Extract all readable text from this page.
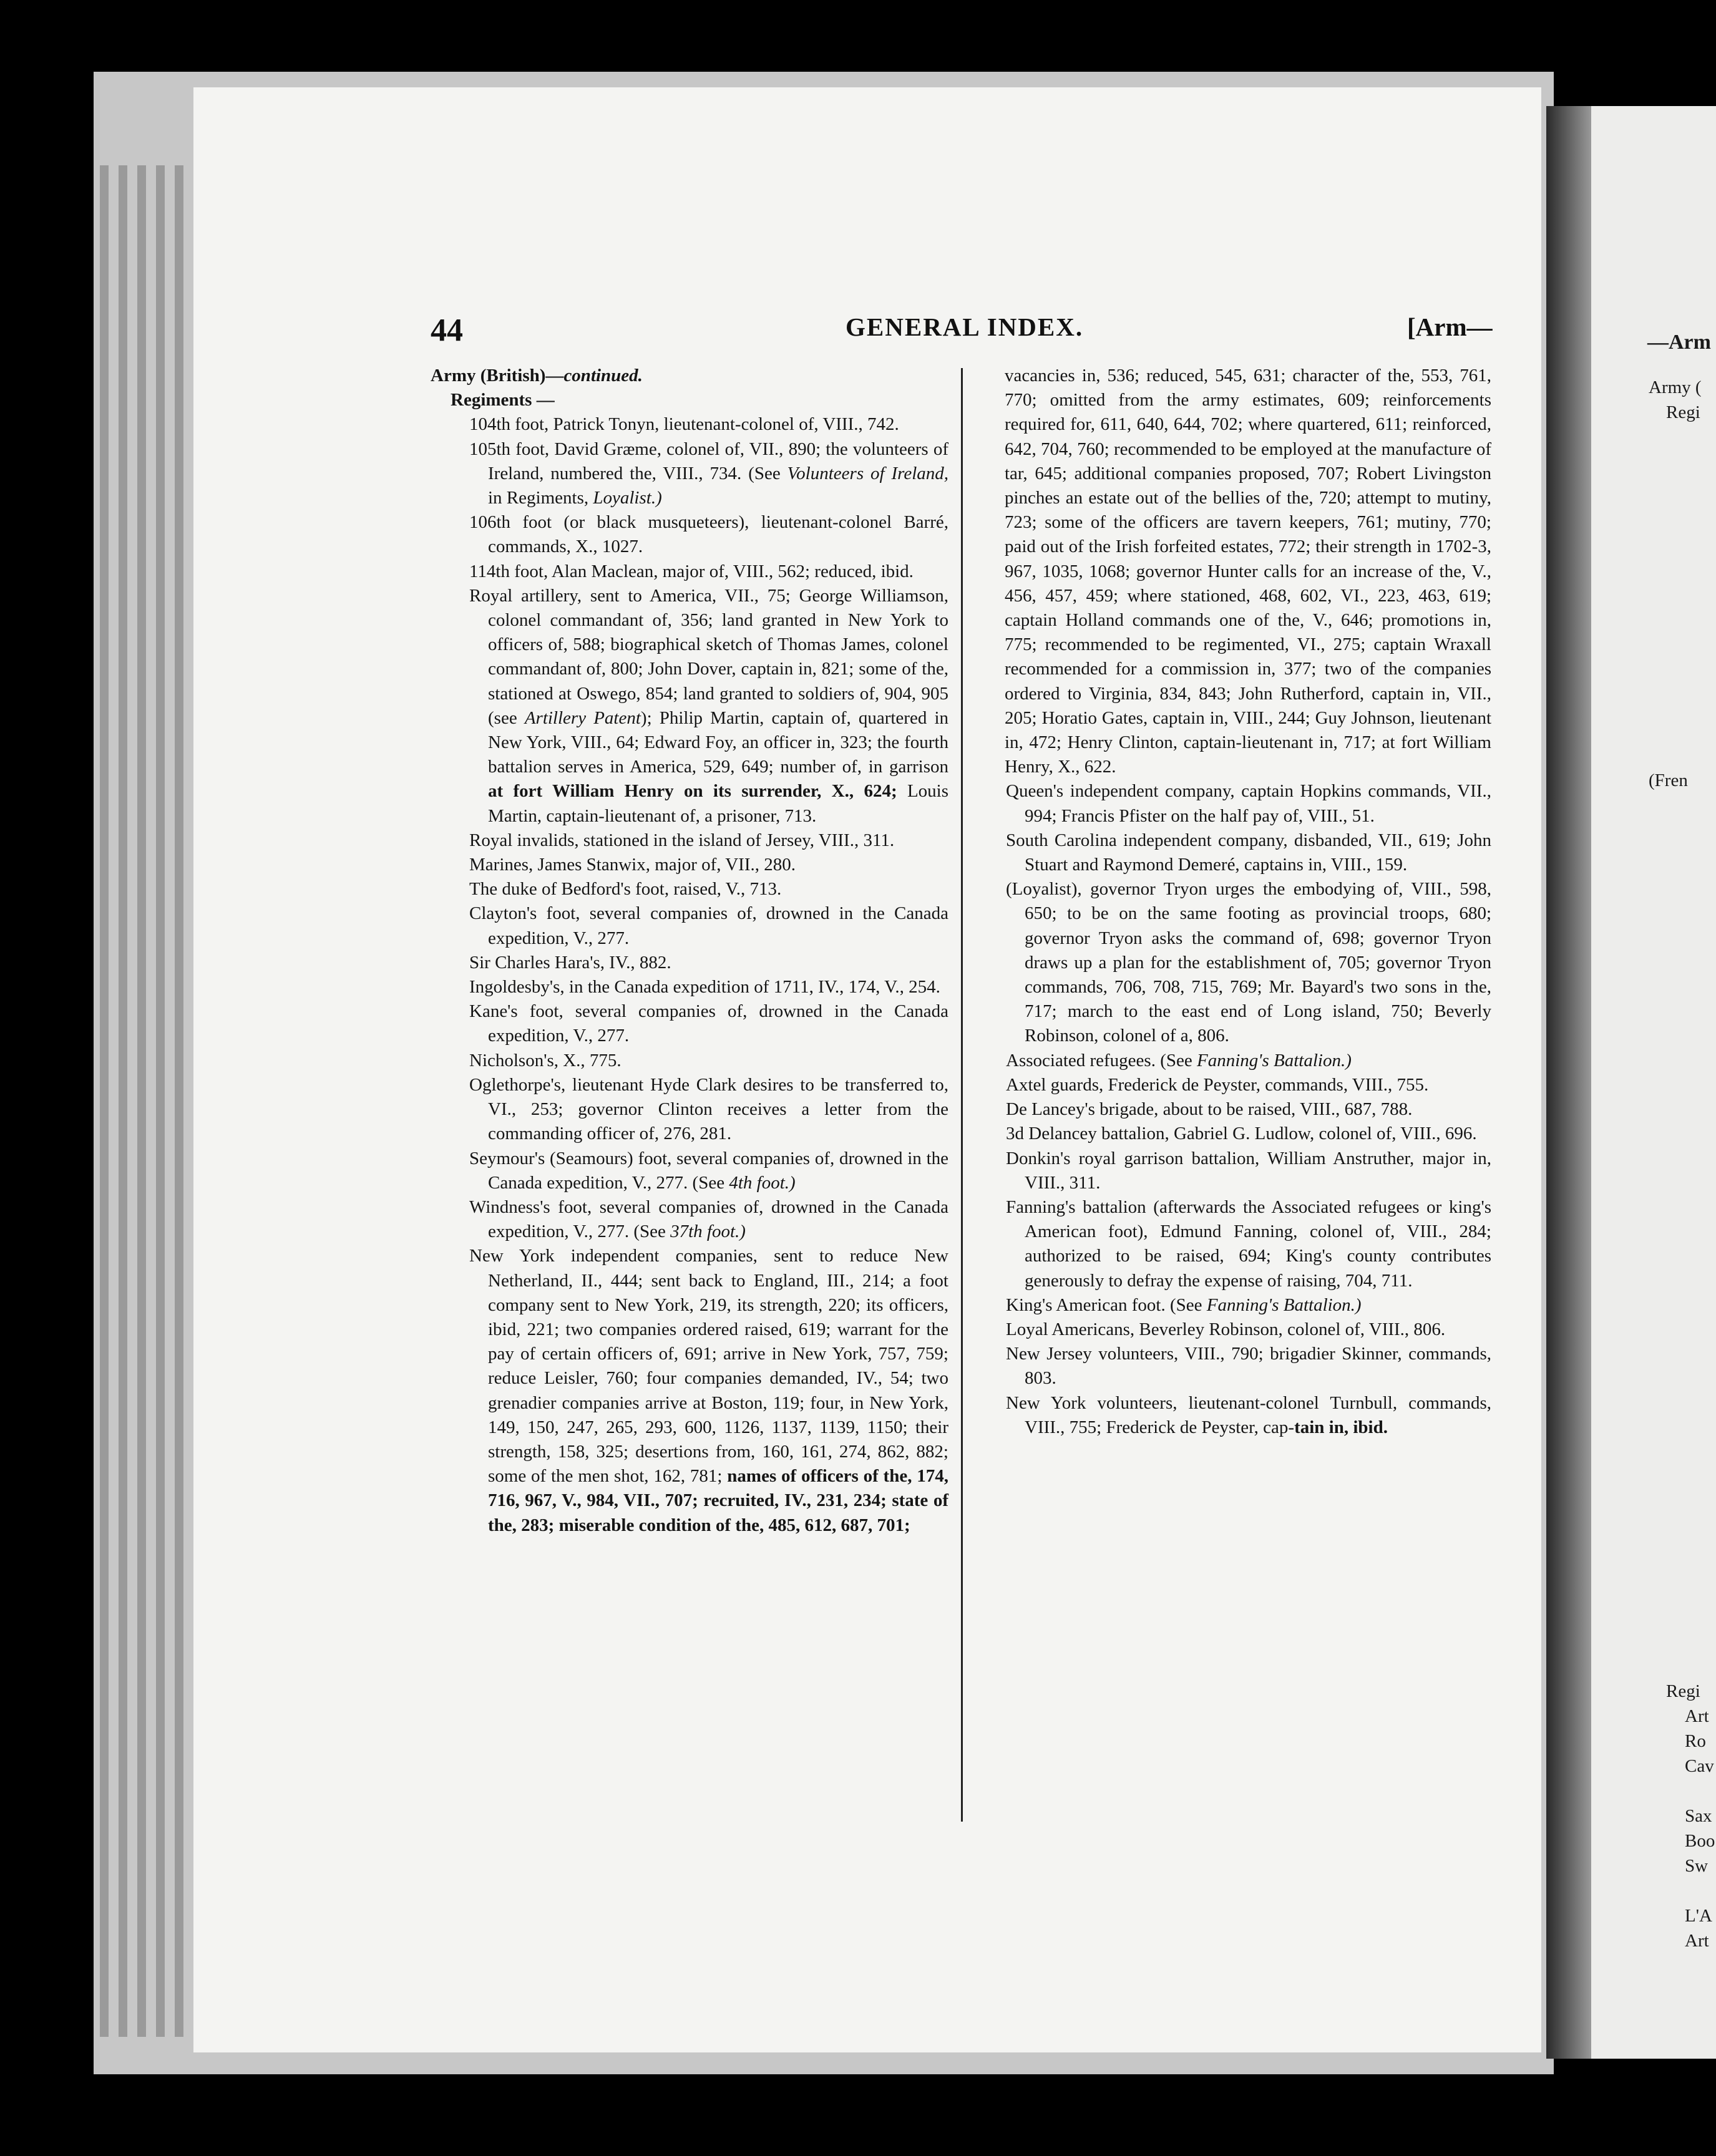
—Arm
Army (
Regi
(Fren
Regi
Art
Ro
Cav
Sax
Boo
Sw
L'A
Art
44	GENERAL INDEX.	[Arm—

Army (British)—continued.

Regiments —

104th foot, Patrick Tonyn, lieutenant-colonel of, VIII., 742.

105th foot, David Græme, colonel of, VII., 890; the volunteers of Ireland, numbered the, VIII., 734. (See Volunteers of Ireland, in Regiments, Loyalist.)

106th foot (or black musqueteers), lieutenant-colonel Barré, commands, X., 1027.

114th foot, Alan Maclean, major of, VIII., 562; reduced, ibid.

Royal artillery, sent to America, VII., 75; George Williamson, colonel commandant of, 356; land granted in New York to officers of, 588; biographical sketch of Thomas James, colonel commandant of, 800; John Dover, captain in, 821; some of the, stationed at Oswego, 854; land granted to soldiers of, 904, 905 (see Artillery Patent); Philip Martin, captain of, quartered in New York, VIII., 64; Edward Foy, an officer in, 323; the fourth battalion serves in America, 529, 649; number of, in garrison at fort William Henry on its surrender, X., 624; Louis Martin, captain-lieutenant of, a prisoner, 713.

Royal invalids, stationed in the island of Jersey, VIII., 311.

Marines, James Stanwix, major of, VII., 280.

The duke of Bedford's foot, raised, V., 713.

Clayton's foot, several companies of, drowned in the Canada expedition, V., 277.

Sir Charles Hara's, IV., 882.

Ingoldesby's, in the Canada expedition of 1711, IV., 174, V., 254.

Kane's foot, several companies of, drowned in the Canada expedition, V., 277.

Nicholson's, X., 775.

Oglethorpe's, lieutenant Hyde Clark desires to be transferred to, VI., 253; governor Clinton receives a letter from the commanding officer of, 276, 281.

Seymour's (Seamours) foot, several companies of, drowned in the Canada expedition, V., 277. (See 4th foot.)

Windness's foot, several companies of, drowned in the Canada expedition, V., 277. (See 37th foot.)

New York independent companies, sent to reduce New Netherland, II., 444; sent back to England, III., 214; a foot company sent to New York, 219, its strength, 220; its officers, ibid, 221; two companies ordered raised, 619; warrant for the pay of certain officers of, 691; arrive in New York, 757, 759; reduce Leisler, 760; four companies demanded, IV., 54; two grenadier companies arrive at Boston, 119; four, in New York, 149, 150, 247, 265, 293, 600, 1126, 1137, 1139, 1150; their strength, 158, 325; desertions from, 160, 161, 274, 862, 882; some of the men shot, 162, 781; names of officers of the, 174, 716, 967, V., 984, VII., 707; recruited, IV., 231, 234; state of the, 283; miserable condition of the, 485, 612, 687, 701;

vacancies in, 536; reduced, 545, 631; character of the, 553, 761, 770; omitted from the army estimates, 609; reinforcements required for, 611, 640, 644, 702; where quartered, 611; reinforced, 642, 704, 760; recommended to be employed at the manufacture of tar, 645; additional companies proposed, 707; Robert Livingston pinches an estate out of the bellies of the, 720; attempt to mutiny, 723; some of the officers are tavern keepers, 761; mutiny, 770; paid out of the Irish forfeited estates, 772; their strength in 1702-3, 967, 1035, 1068; governor Hunter calls for an increase of the, V., 456, 457, 459; where stationed, 468, 602, VI., 223, 463, 619; captain Holland commands one of the, V., 646; promotions in, 775; recommended to be regimented, VI., 275; captain Wraxall recommended for a commission in, 377; two of the companies ordered to Virginia, 834, 843; John Rutherford, captain in, VII., 205; Horatio Gates, captain in, VIII., 244; Guy Johnson, lieutenant in, 472; Henry Clinton, captain-lieutenant in, 717; at fort William Henry, X., 622.

Queen's independent company, captain Hopkins commands, VII., 994; Francis Pfister on the half pay of, VIII., 51.

South Carolina independent company, disbanded, VII., 619; John Stuart and Raymond Demeré, captains in, VIII., 159.

(Loyalist), governor Tryon urges the embodying of, VIII., 598, 650; to be on the same footing as provincial troops, 680; governor Tryon asks the command of, 698; governor Tryon draws up a plan for the establishment of, 705; governor Tryon commands, 706, 708, 715, 769; Mr. Bayard's two sons in the, 717; march to the east end of Long island, 750; Beverly Robinson, colonel of a, 806.

Associated refugees. (See Fanning's Battalion.)

Axtel guards, Frederick de Peyster, commands, VIII., 755.

De Lancey's brigade, about to be raised, VIII., 687, 788.

3d Delancey battalion, Gabriel G. Ludlow, colonel of, VIII., 696.

Donkin's royal garrison battalion, William Anstruther, major in, VIII., 311.

Fanning's battalion (afterwards the Associated refugees or king's American foot), Edmund Fanning, colonel of, VIII., 284; authorized to be raised, 694; King's county contributes generously to defray the expense of raising, 704, 711.

King's American foot. (See Fanning's Battalion.)

Loyal Americans, Beverley Robinson, colonel of, VIII., 806.

New Jersey volunteers, VIII., 790; brigadier Skinner, commands, 803.

New York volunteers, lieutenant-colonel Turnbull, commands, VIII., 755; Frederick de Peyster, cap-tain in, ibid.
